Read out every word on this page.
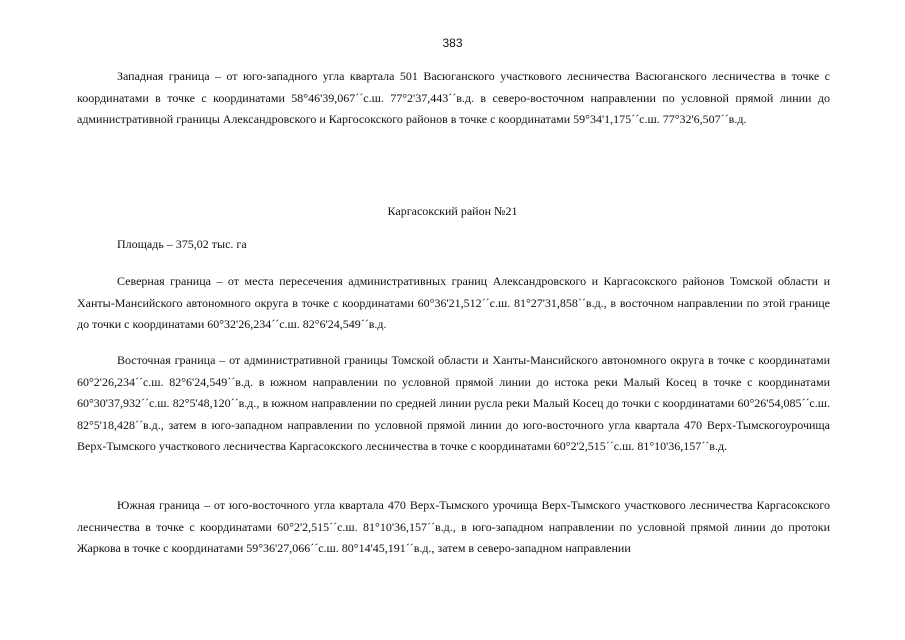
383

Западная граница – от юго-западного угла квартала 501 Васюганского участкового лесничества Васюганского лесничества в точке с координатами в точке с координатами 58°46'39,067´´с.ш. 77°2'37,443´´в.д. в северо-восточном направлении по условной прямой линии до административной границы Александровского и Каргосокского районов в точке с координатами 59°34'1,175´´с.ш. 77°32'6,507´´в.д.

Каргасокский район №21

Площадь – 375,02 тыс. га

Северная граница – от места пересечения административных границ Александровского и Каргасокского районов Томской области и Ханты-Мансийского автономного округа в точке с координатами 60°36'21,512´´с.ш. 81°27'31,858´´в.д., в восточном направлении по этой границе до точки с координатами 60°32'26,234´´с.ш. 82°6'24,549´´в.д.

Восточная граница – от административной границы Томской области и Ханты-Мансийского автономного округа в точке с координатами 60°2'26,234´´с.ш. 82°6'24,549´´в.д. в южном направлении по условной прямой линии до истока реки Малый Косец в точке с координатами 60°30'37,932´´с.ш. 82°5'48,120´´в.д., в южном направлении по средней линии русла реки Малый Косец до точки с координатами 60°26'54,085´´с.ш. 82°5'18,428´´в.д., затем в юго-западном направлении по условной прямой линии до юго-восточного угла квартала 470 Верх-Тымскогоурочища Верх-Тымского участкового лесничества Каргасокского лесничества в точке с координатами 60°2'2,515´´с.ш. 81°10'36,157´´в.д.

Южная граница – от юго-восточного угла квартала 470 Верх-Тымского урочища Верх-Тымского участкового лесничества Каргасокского лесничества в точке с координатами 60°2'2,515´´с.ш. 81°10'36,157´´в.д., в юго-западном направлении по условной прямой линии до протоки Жаркова в точке с координатами 59°36'27,066´´с.ш. 80°14'45,191´´в.д., затем в северо-западном направлении
